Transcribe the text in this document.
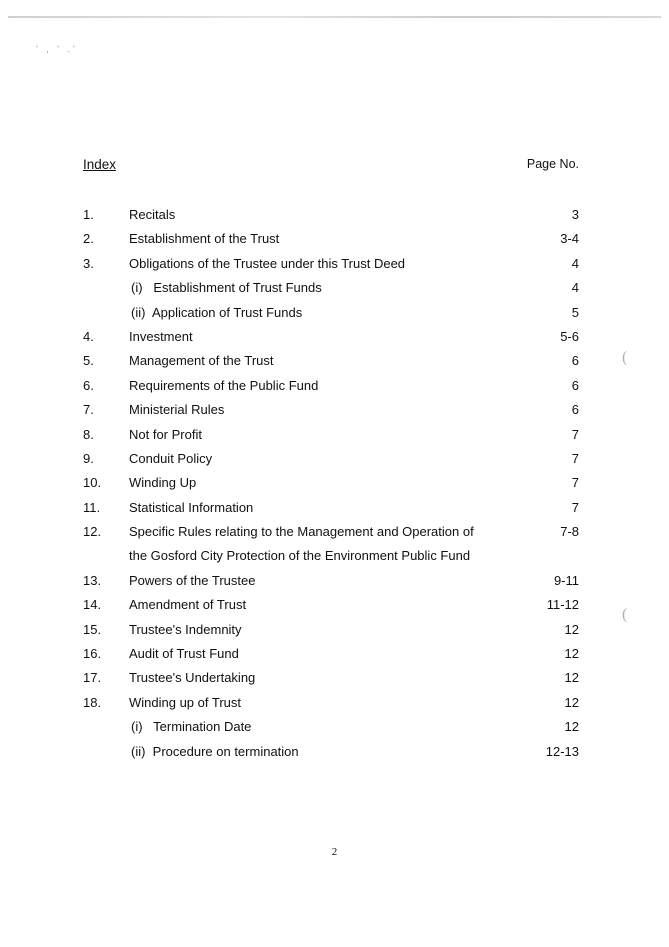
' , ' .'
(
(
Index	Page No.
1.	Recitals	3
2.	Establishment of the Trust	3-4
3.	Obligations of the Trustee under this Trust Deed	4
(i)   Establishment of Trust Funds	4
(ii)  Application of Trust Funds	5
4.	Investment	5-6
5.	Management of the Trust	6
6.	Requirements of the Public Fund	6
7.	Ministerial Rules	6
8.	Not for Profit	7
9.	Conduit Policy	7
10. Winding Up	7
11. Statistical Information	7
12. Specific Rules relating to the Management and Operation of	7-8
the Gosford City Protection of the Environment Public Fund
13. Powers of the Trustee	9-11
14. Amendment of Trust	11-12
15. Trustee's Indemnity	12
16. Audit of Trust Fund	12
17. Trustee's Undertaking	12
18. Winding up of Trust	12
(i)   Termination Date	12
(ii)  Procedure on termination	12-13
2
